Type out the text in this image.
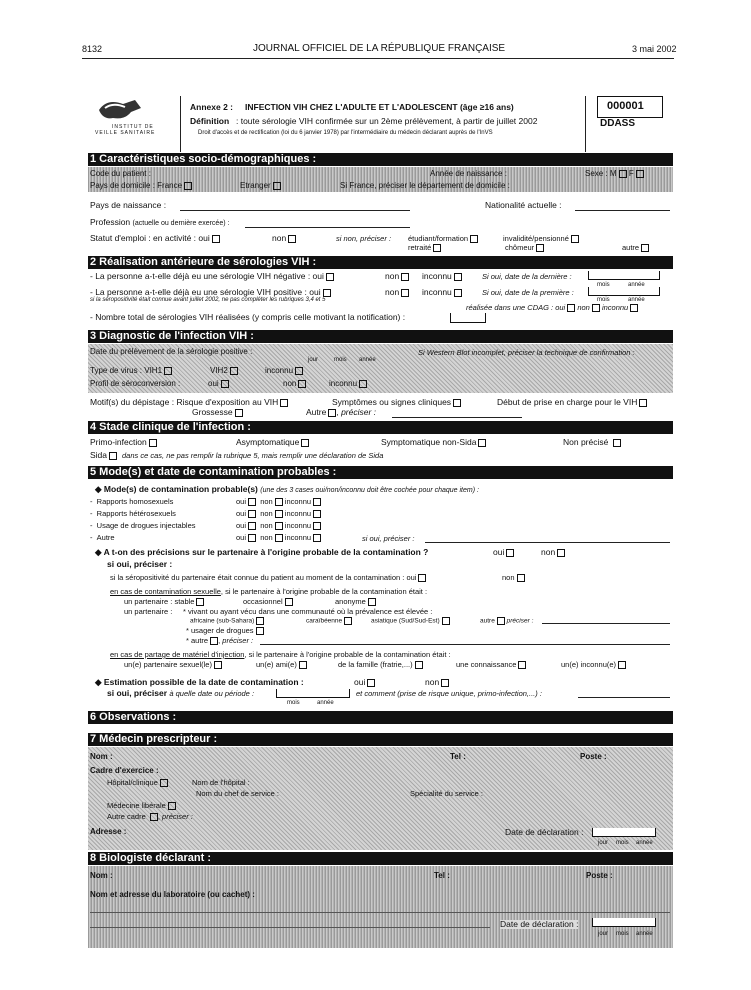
8132	JOURNAL OFFICIEL DE LA RÉPUBLIQUE FRANÇAISE	3 mai 2002
INSTITUT DE
VEILLE SANITAIRE
Annexe 2 : INFECTION VIH CHEZ L'ADULTE ET L'ADOLESCENT (âge ≥16 ans)
Définition : toute sérologie VIH confirmée sur un 2ème prélèvement, à partir de juillet 2002
Droit d'accès et de rectification (loi du 6 janvier 1978) par l'intermédiaire du médecin déclarant auprès de l'InVS
000001
DDASS
1 Caractéristiques socio-démographiques :
Code du patient :	Année de naissance :	Sexe : M F
Pays de domicile : France	Etranger	Si France, préciser le département de domicile :
Pays de naissance :	Nationalité actuelle :
Profession (actuelle ou dernière exercée) :
Statut d'emploi : en activité : oui	non	si non, préciser : étudiant/formation	invalidité/pensionné
retraité	chômeur	autre
2 Réalisation antérieure de sérologies VIH :
- La personne a-t-elle déjà eu une sérologie VIH négative : oui	non	inconnu	Si oui, date de la dernière :
mois	année
- La personne a-t-elle déjà eu une sérologie VIH positive : oui	non	inconnu	Si oui, date de la première :
mois	année
si la séropositivité était connue avant juillet 2002, ne pas compléter les rubriques 3,4 et 5
réalisée dans une CDAG : oui non inconnu
- Nombre total de sérologies VIH réalisées (y compris celle motivant la notification) :
3 Diagnostic de l'infection VIH :
Date du prélèvement de la sérologie positive :
jour	mois année
Si Western Blot incomplet, préciser la technique de confirmation :
Type de virus : VIH1	VIH2	inconnu
Profil de séroconversion :	oui	non	inconnu
Motif(s) du dépistage : Risque d'exposition au VIH	Symptômes ou signes cliniques	Début de prise en charge pour le VIH
Grossesse	Autre , préciser :
4 Stade clinique de l'infection :
Primo-infection	Asymptomatique	Symptomatique non-Sida	Non précisé
Sida	dans ce cas, ne pas remplir la rubrique 5, mais remplir une déclaration de Sida
5 Mode(s) et date de contamination probables :
◆ Mode(s) de contamination probable(s) (une des 3 cases oui/non/inconnu doit être cochée pour chaque item) :
-  Rapports homosexuels	oui non inconnu
-  Rapports hétérosexuels	oui non inconnu
-  Usage de drogues injectables	oui non inconnu
-  Autre	oui non inconnu	si oui, préciser :
◆ A t-on des précisions sur le partenaire à l'origine probable de la contamination ?	oui	non
si oui, préciser :
si la séropositivité du partenaire était connue du patient au moment de la contamination : oui	non
en cas de contamination sexuelle, si le partenaire à l'origine probable de la contamination était :
un partenaire : stable	occasionnel	anonyme
un partenaire : * vivant ou ayant vécu dans une communauté où la prévalence est élevée :
africaine (sub-Sahara)	caraïbéenne	asiatique (Sud/Sud-Est)	autre préciser :
* usager de drogues
* autre , préciser :
en cas de partage de matériel d'injection, si le partenaire à l'origine probable de la contamination était :
un(e) partenaire sexuel(le)	un(e) ami(e)	de la famille (fratrie,...)	une connaissance	un(e) inconnu(e)
◆ Estimation possible de la date de contamination :	oui	non
si oui, préciser à quelle date ou période :	et comment (prise de risque unique, primo-infection,...) :
mois	année
6 Observations :
7 Médecin prescripteur :
Nom :	Tel :	Poste :
Cadre d'exercice :
Hôpital/clinique	Nom de l'hôpital :
Nom du chef de service :	Spécialité du service :
Médecine libérale
Autre cadre , préciser :
Adresse :	Date de déclaration :
jour mois année
8 Biologiste déclarant :
Nom :	Tel :	Poste :
Nom et adresse du laboratoire (ou cachet) :
Date de déclaration :
jour mois année
